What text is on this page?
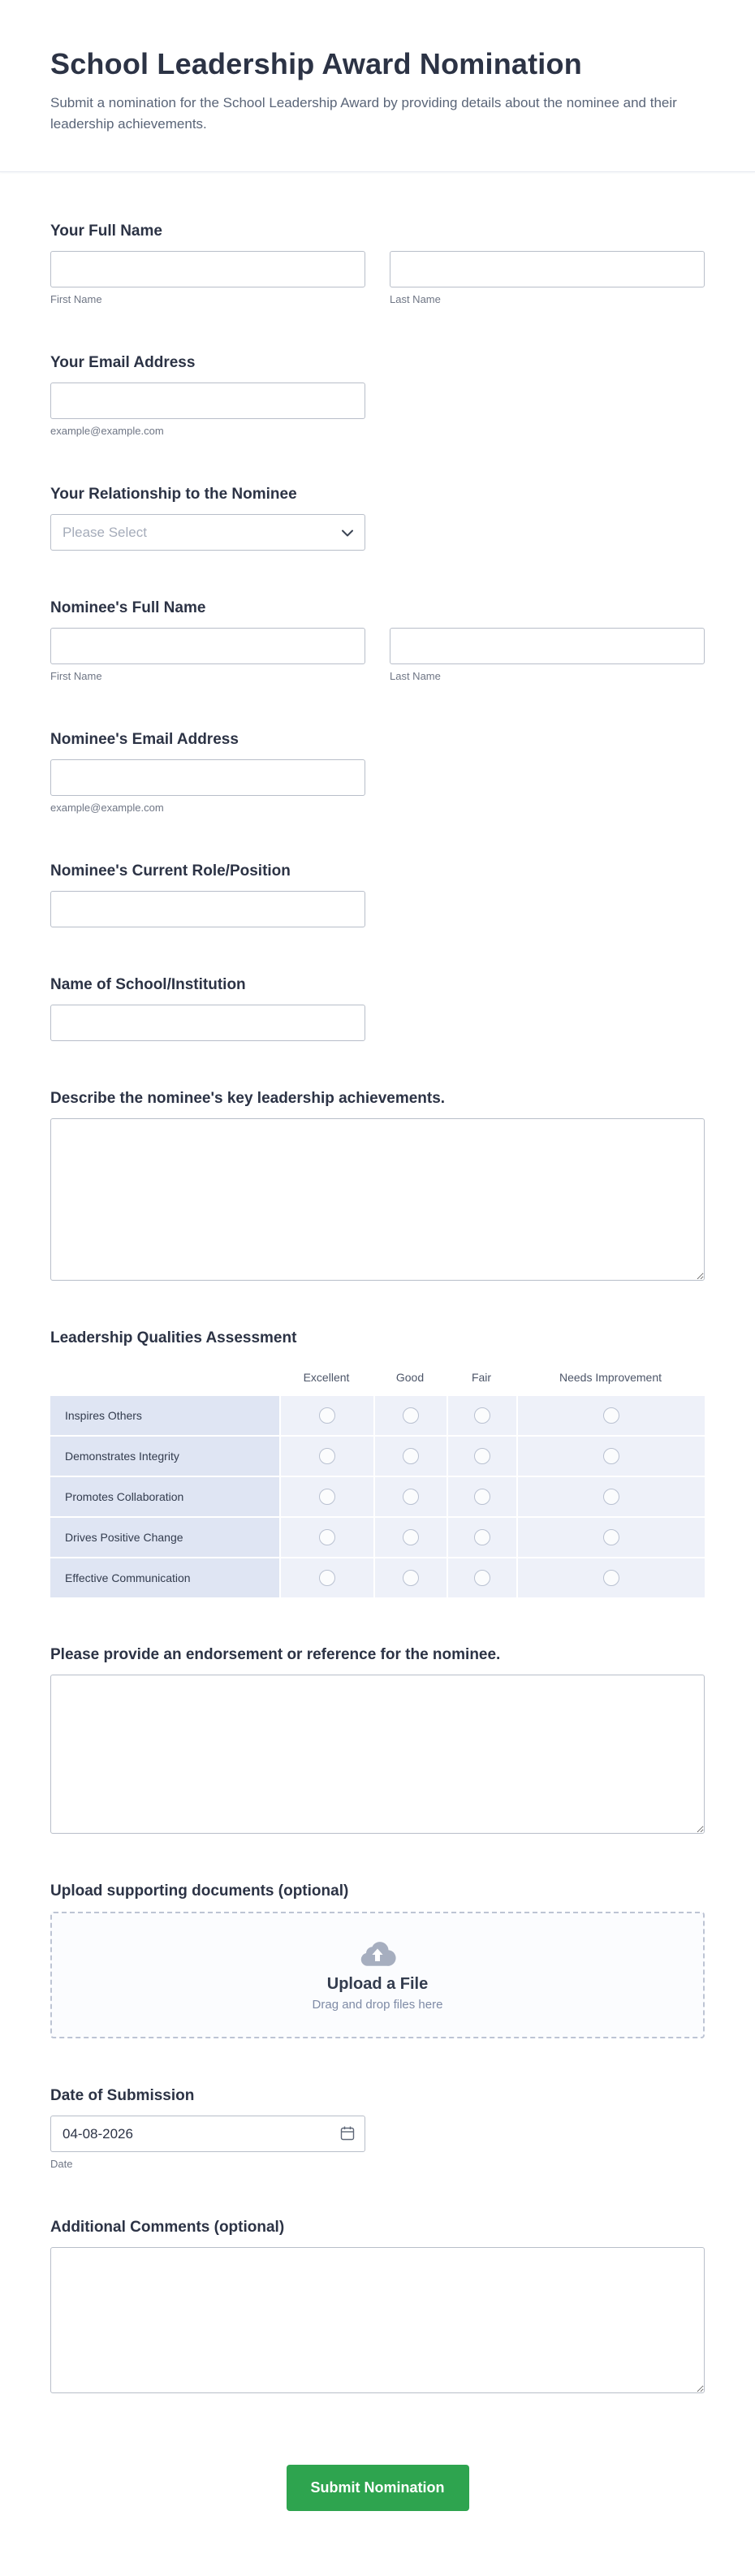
School Leadership Award Nomination

Submit a nomination for the School Leadership Award by providing details about the nominee and their leadership achievements.

Your Full Name
First Name	Last Name
Your Email Address
example@example.com
Your Relationship to the Nominee
Please Select
Nominee's Full Name
First Name	Last Name
Nominee's Email Address
example@example.com
Nominee's Current Role/Position
Name of School/Institution
Describe the nominee's key leadership achievements.
Leadership Qualities Assessment
	Excellent	Good	Fair	Needs Improvement
Inspires Others				
Demonstrates Integrity				
Promotes Collaboration				
Drives Positive Change				
Effective Communication				
Please provide an endorsement or reference for the nominee.
Upload supporting documents (optional)
Upload a File
Drag and drop files here
Date of Submission
04-08-2026
Date
Additional Comments (optional)
Submit Nomination
